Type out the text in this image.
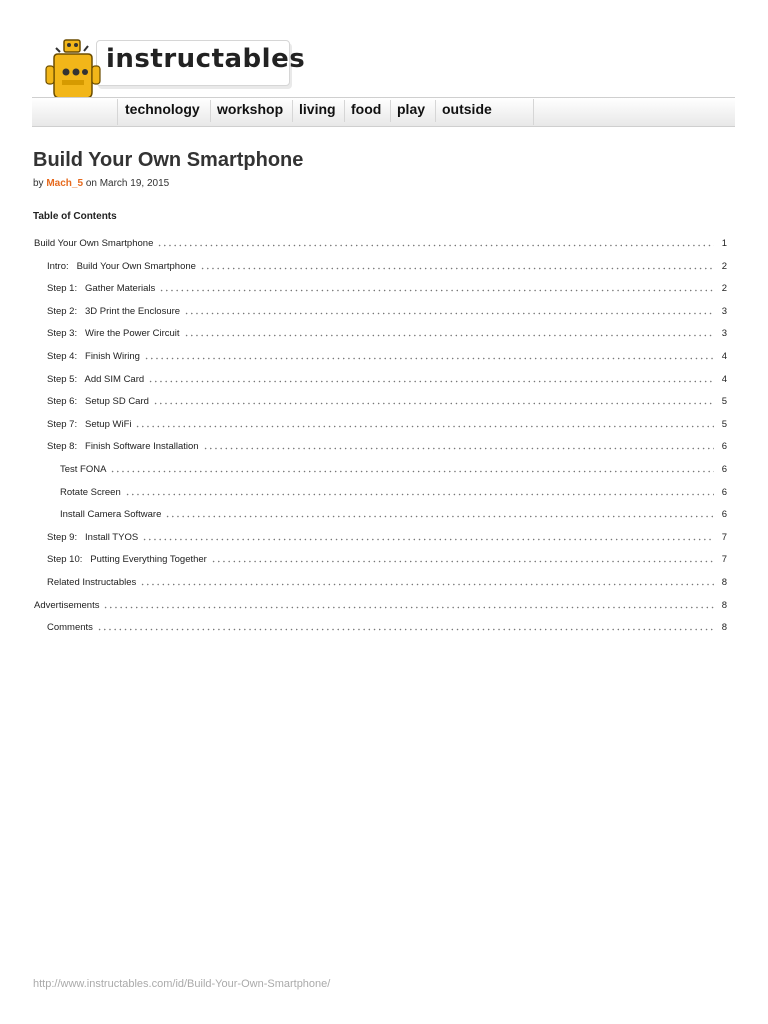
instructables
technology	workshop	living	food	play	outside
Build Your Own Smartphone
by Mach_5 on March 19, 2015
Table of Contents
Build Your Own Smartphone	1
Intro:   Build Your Own Smartphone	2
Step 1:   Gather Materials	2
Step 2:   3D Print the Enclosure	3
Step 3:   Wire the Power Circuit	3
Step 4:   Finish Wiring	4
Step 5:   Add SIM Card	4
Step 6:   Setup SD Card	5
Step 7:   Setup WiFi	5
Step 8:   Finish Software Installation	6
Test FONA	6
Rotate Screen	6
Install Camera Software	6
Step 9:   Install TYOS	7
Step 10:   Putting Everything Together	7
Related Instructables	8
Advertisements	8
Comments	8
http://www.instructables.com/id/Build-Your-Own-Smartphone/
